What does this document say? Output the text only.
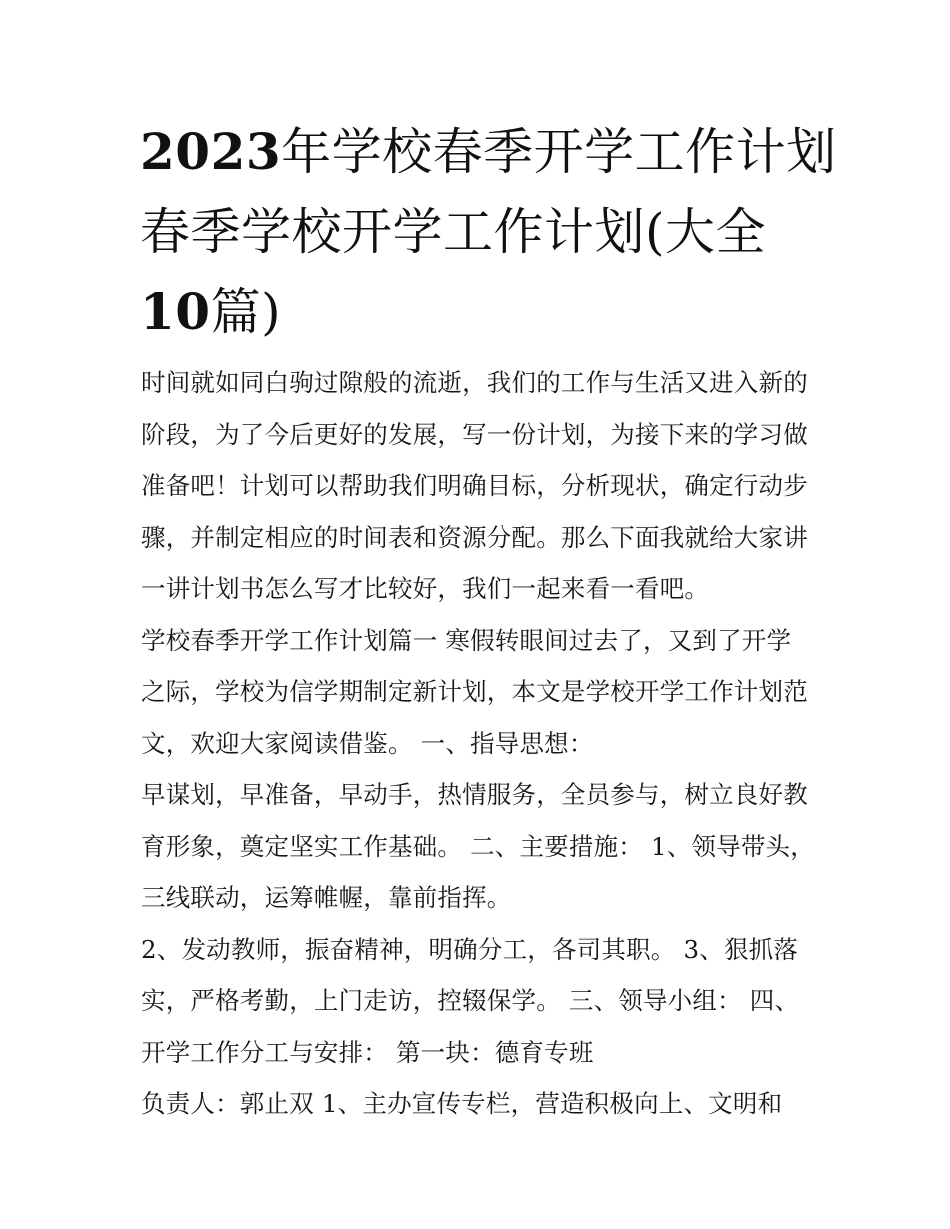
2023年学校春季开学工作计划
春季学校开学工作计划(大全
10篇)
时间就如同白驹过隙般的流逝，我们的工作与生活又进入新的
阶段，为了今后更好的发展，写一份计划，为接下来的学习做
准备吧！计划可以帮助我们明确目标，分析现状，确定行动步
骤，并制定相应的时间表和资源分配。那么下面我就给大家讲
一讲计划书怎么写才比较好，我们一起来看一看吧。
学校春季开学工作计划篇一 寒假转眼间过去了，又到了开学
之际，学校为信学期制定新计划，本文是学校开学工作计划范
文，欢迎大家阅读借鉴。 一、指导思想：
早谋划，早准备，早动手，热情服务，全员参与，树立良好教
育形象，奠定坚实工作基础。 二、主要措施： 1、领导带头，
三线联动，运筹帷幄，靠前指挥。
2、发动教师，振奋精神，明确分工，各司其职。 3、狠抓落
实，严格考勤，上门走访，控辍保学。 三、领导小组： 四、
开学工作分工与安排： 第一块：德育专班
负责人：郭止双 1、主办宣传专栏，营造积极向上、文明和
